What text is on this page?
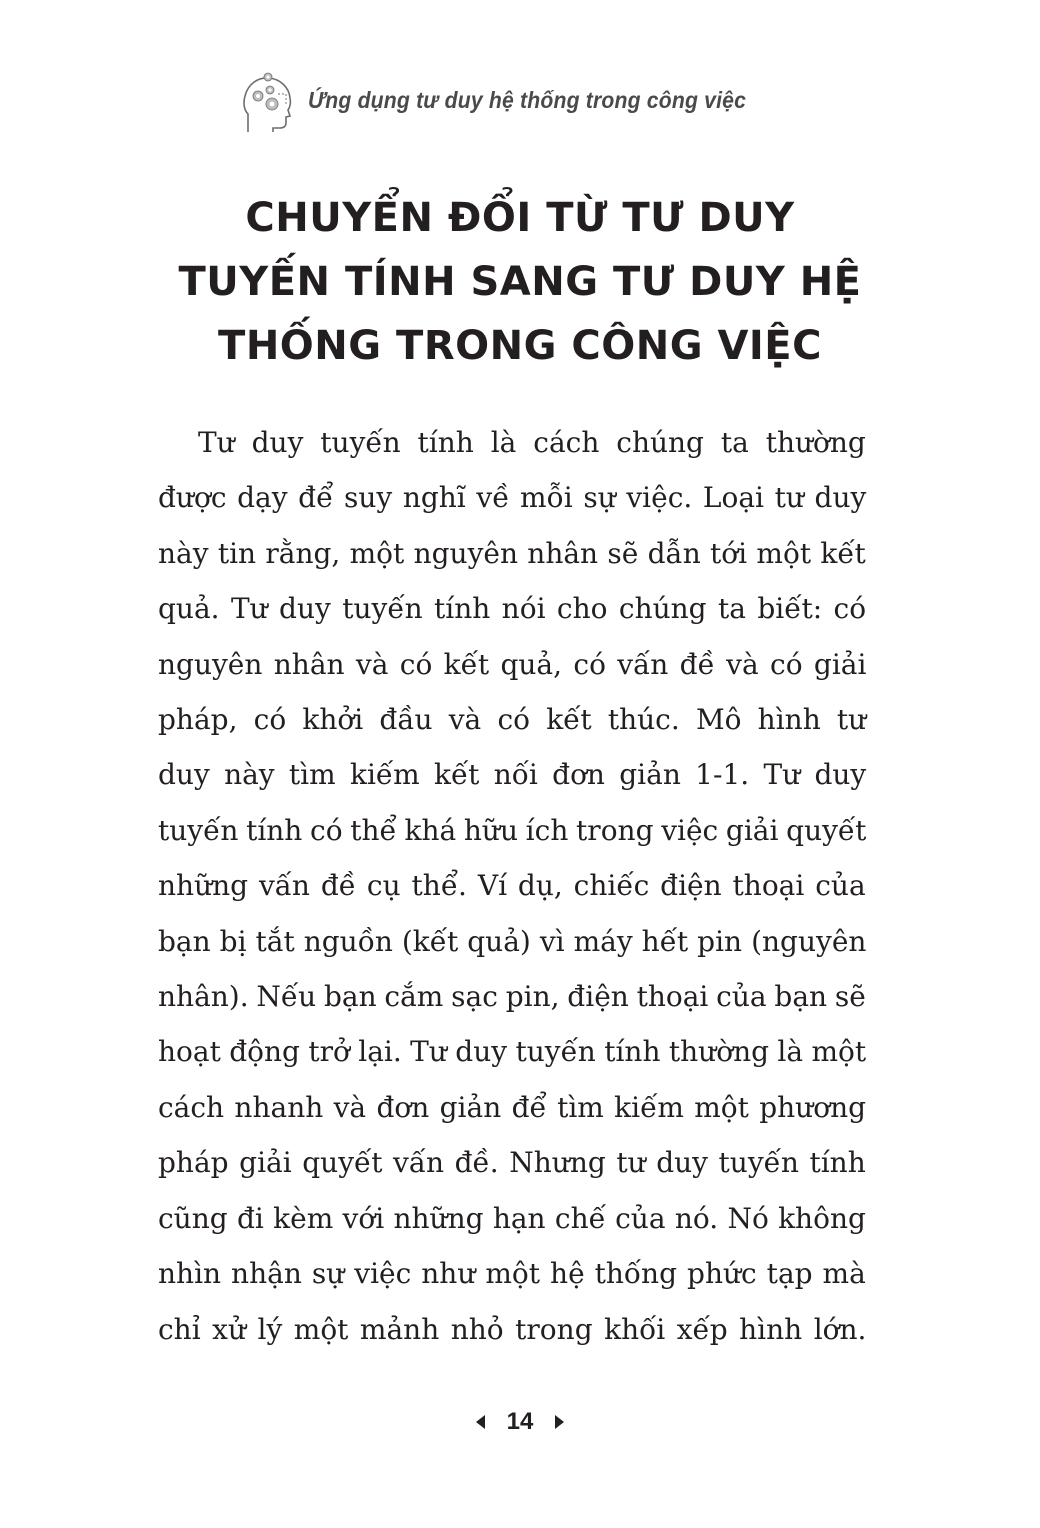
Ứng dụng tư duy hệ thống trong công việc
CHUYỂN ĐỔI TỪ TƯ DUY
TUYẾN TÍNH SANG TƯ DUY HỆ
THỐNG TRONG CÔNG VIỆC

Tư duy tuyến tính là cách chúng ta thường
được dạy để suy nghĩ về mỗi sự việc. Loại tư duy
này tin rằng, một nguyên nhân sẽ dẫn tới một kết
quả. Tư duy tuyến tính nói cho chúng ta biết: có
nguyên nhân và có kết quả, có vấn đề và có giải
pháp, có khởi đầu và có kết thúc. Mô hình tư
duy này tìm kiếm kết nối đơn giản 1-1. Tư duy
tuyến tính có thể khá hữu ích trong việc giải quyết
những vấn đề cụ thể. Ví dụ, chiếc điện thoại của
bạn bị tắt nguồn (kết quả) vì máy hết pin (nguyên
nhân). Nếu bạn cắm sạc pin, điện thoại của bạn sẽ
hoạt động trở lại. Tư duy tuyến tính thường là một
cách nhanh và đơn giản để tìm kiếm một phương
pháp giải quyết vấn đề. Nhưng tư duy tuyến tính
cũng đi kèm với những hạn chế của nó. Nó không
nhìn nhận sự việc như một hệ thống phức tạp mà
chỉ xử lý một mảnh nhỏ trong khối xếp hình lớn.

14
